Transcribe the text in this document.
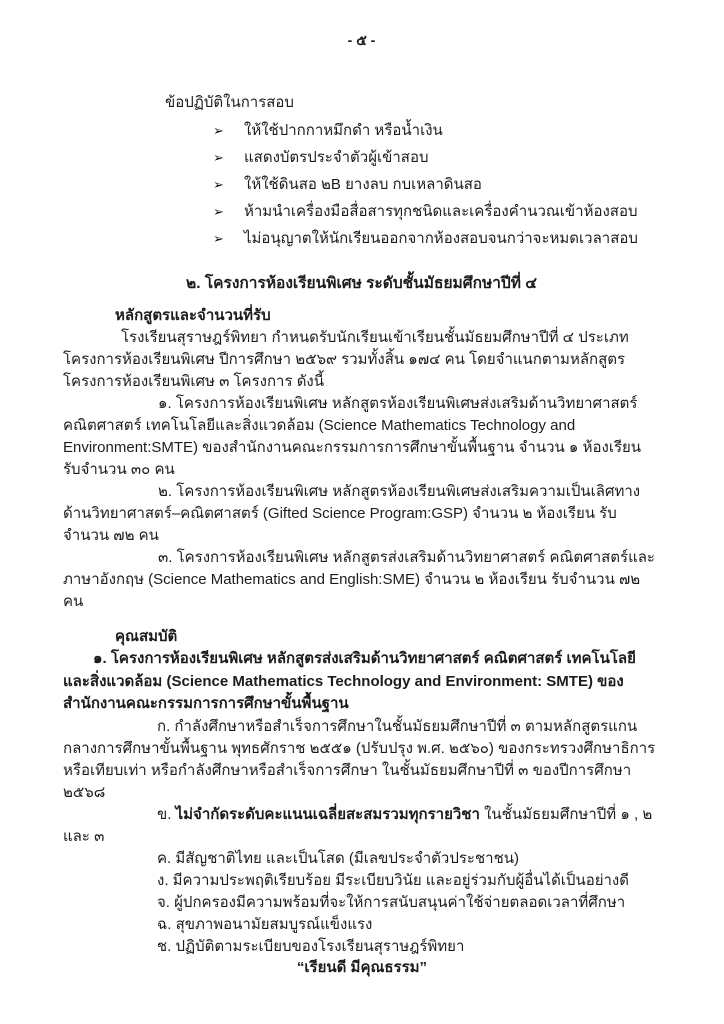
- ๕ -
ข้อปฏิบัติในการสอบ
➢	ให้ใช้ปากกาหมึกดำ หรือน้ำเงิน
➢	แสดงบัตรประจำตัวผู้เข้าสอบ
➢	ให้ใช้ดินสอ ๒B ยางลบ กบเหลาดินสอ
➢	ห้ามนำเครื่องมือสื่อสารทุกชนิดและเครื่องคำนวณเข้าห้องสอบ
➢	ไม่อนุญาตให้นักเรียนออกจากห้องสอบจนกว่าจะหมดเวลาสอบ
๒. โครงการห้องเรียนพิเศษ ระดับชั้นมัธยมศึกษาปีที่ ๔
หลักสูตรและจำนวนที่รับ

โรงเรียนสุราษฎร์พิทยา กำหนดรับนักเรียนเข้าเรียนชั้นมัธยมศึกษาปีที่ ๔ ประเภทโครงการห้องเรียนพิเศษ ปีการศึกษา ๒๕๖๙ รวมทั้งสิ้น ๑๗๔ คน โดยจำแนกตามหลักสูตรโครงการห้องเรียนพิเศษ ๓ โครงการ ดังนี้

๑. โครงการห้องเรียนพิเศษ หลักสูตรห้องเรียนพิเศษส่งเสริมด้านวิทยาศาสตร์ คณิตศาสตร์ เทคโนโลยีและสิ่งแวดล้อม (Science Mathematics Technology and Environment:SMTE) ของสำนักงานคณะกรรมการการศึกษาขั้นพื้นฐาน จำนวน ๑ ห้องเรียน รับจำนวน ๓๐ คน

๒. โครงการห้องเรียนพิเศษ หลักสูตรห้องเรียนพิเศษส่งเสริมความเป็นเลิศทางด้านวิทยาศาสตร์–คณิตศาสตร์ (Gifted Science Program:GSP) จำนวน ๒ ห้องเรียน รับจำนวน ๗๒ คน

๓. โครงการห้องเรียนพิเศษ หลักสูตรส่งเสริมด้านวิทยาศาสตร์ คณิตศาสตร์และภาษาอังกฤษ (Science Mathematics and English:SME) จำนวน ๒ ห้องเรียน รับจำนวน ๗๒ คน

คุณสมบัติ

๑. โครงการห้องเรียนพิเศษ หลักสูตรส่งเสริมด้านวิทยาศาสตร์ คณิตศาสตร์ เทคโนโลยี และสิ่งแวดล้อม (Science Mathematics Technology and Environment: SMTE) ของสำนักงานคณะกรรมการการศึกษาขั้นพื้นฐาน

ก. กำลังศึกษาหรือสำเร็จการศึกษาในชั้นมัธยมศึกษาปีที่ ๓ ตามหลักสูตรแกนกลางการศึกษาขั้นพื้นฐาน พุทธศักราช ๒๕๕๑ (ปรับปรุง พ.ศ. ๒๕๖๐) ของกระทรวงศึกษาธิการหรือเทียบเท่า หรือกำลังศึกษาหรือสำเร็จการศึกษา ในชั้นมัธยมศึกษาปีที่ ๓ ของปีการศึกษา ๒๕๖๘

ข. ไม่จำกัดระดับคะแนนเฉลี่ยสะสมรวมทุกรายวิชา ในชั้นมัธยมศึกษาปีที่ ๑ , ๒ และ ๓

ค. มีสัญชาติไทย และเป็นโสด (มีเลขประจำตัวประชาชน)

ง. มีความประพฤติเรียบร้อย มีระเบียบวินัย และอยู่ร่วมกับผู้อื่นได้เป็นอย่างดี

จ. ผู้ปกครองมีความพร้อมที่จะให้การสนับสนุนค่าใช้จ่ายตลอดเวลาที่ศึกษา

ฉ. สุขภาพอนามัยสมบูรณ์แข็งแรง

ช. ปฏิบัติตามระเบียบของโรงเรียนสุราษฎร์พิทยา

“เรียนดี มีคุณธรรม”
